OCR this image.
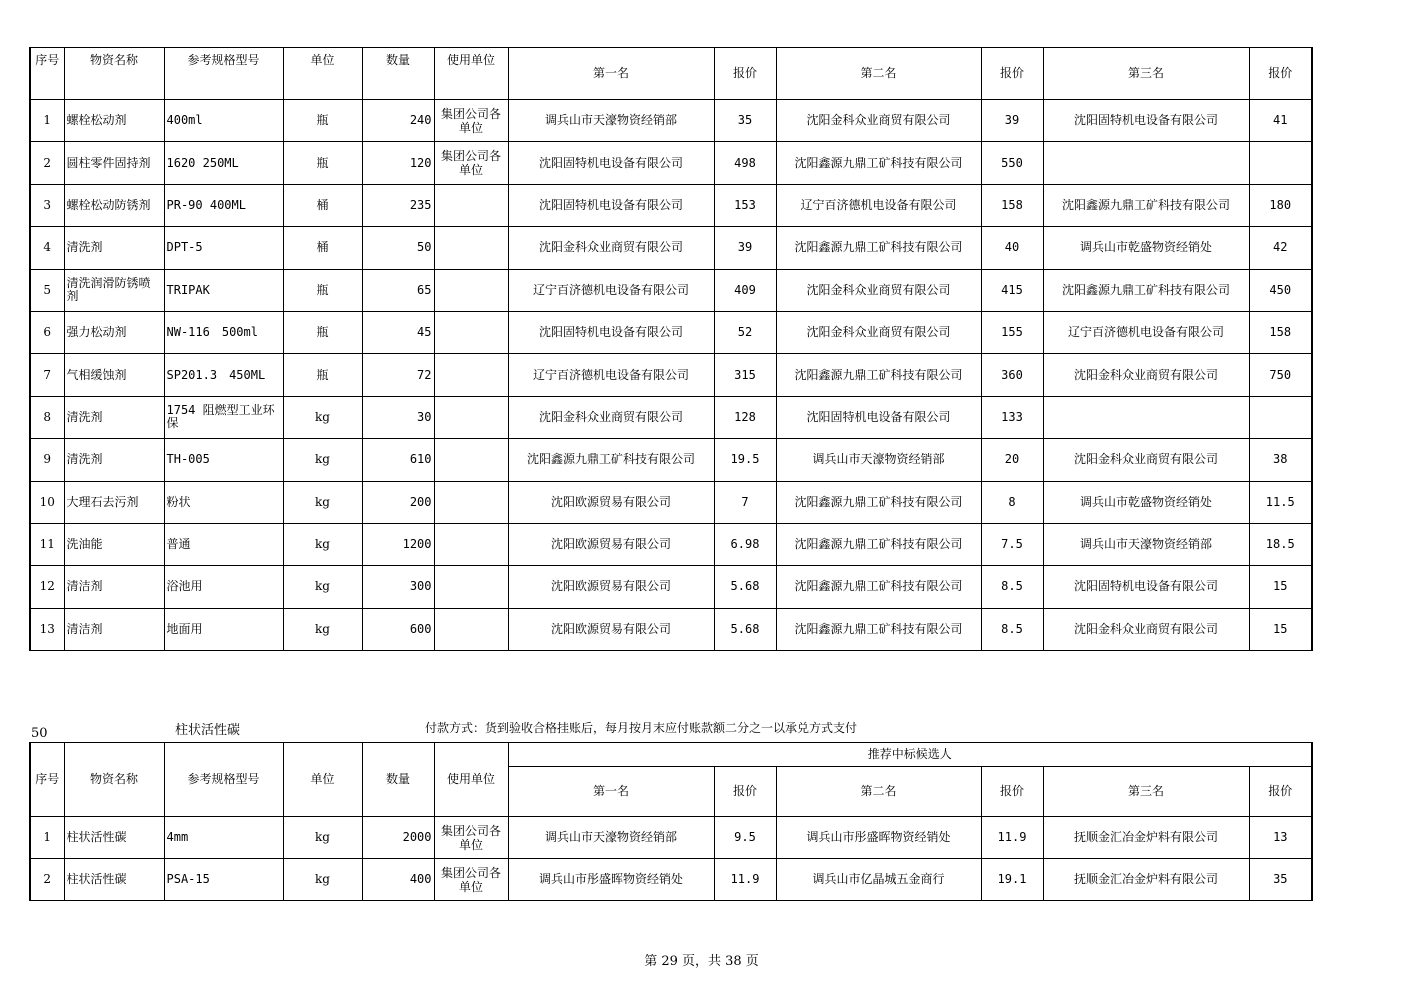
序号	物资名称	参考规格型号	单位	数量	使用单位	第一名	报价	第二名	报价	第三名	报价
1	螺栓松动剂	400ml	瓶	240	集团公司各单位	调兵山市天濠物资经销部	35	沈阳金科众业商贸有限公司	39	沈阳固特机电设备有限公司	41
2	圆柱零件固持剂	1620 250ML	瓶	120	集团公司各单位	沈阳固特机电设备有限公司	498	沈阳鑫源九鼎工矿科技有限公司	550		
3	螺栓松动防锈剂	PR-90 400ML	桶	235		沈阳固特机电设备有限公司	153	辽宁百济德机电设备有限公司	158	沈阳鑫源九鼎工矿科技有限公司	180
4	清洗剂	DPT-5	桶	50		沈阳金科众业商贸有限公司	39	沈阳鑫源九鼎工矿科技有限公司	40	调兵山市乾盛物资经销处	42
5	清洗润滑防锈喷剂	TRIPAK	瓶	65		辽宁百济德机电设备有限公司	409	沈阳金科众业商贸有限公司	415	沈阳鑫源九鼎工矿科技有限公司	450
6	强力松动剂	NW-116　500ml	瓶	45		沈阳固特机电设备有限公司	52	沈阳金科众业商贸有限公司	155	辽宁百济德机电设备有限公司	158
7	气相缓蚀剂	SP201.3　450ML	瓶	72		辽宁百济德机电设备有限公司	315	沈阳鑫源九鼎工矿科技有限公司	360	沈阳金科众业商贸有限公司	750
8	清洗剂	1754 阻燃型工业环保	kg	30		沈阳金科众业商贸有限公司	128	沈阳固特机电设备有限公司	133		
9	清洗剂	TH-005	kg	610		沈阳鑫源九鼎工矿科技有限公司	19.5	调兵山市天濠物资经销部	20	沈阳金科众业商贸有限公司	38
10	大理石去污剂	粉状	kg	200		沈阳欧源贸易有限公司	7	沈阳鑫源九鼎工矿科技有限公司	8	调兵山市乾盛物资经销处	11.5
11	洗油能	普通	kg	1200		沈阳欧源贸易有限公司	6.98	沈阳鑫源九鼎工矿科技有限公司	7.5	调兵山市天濠物资经销部	18.5
12	清洁剂	浴池用	kg	300		沈阳欧源贸易有限公司	5.68	沈阳鑫源九鼎工矿科技有限公司	8.5	沈阳固特机电设备有限公司	15
13	清洁剂	地面用	kg	600		沈阳欧源贸易有限公司	5.68	沈阳鑫源九鼎工矿科技有限公司	8.5	沈阳金科众业商贸有限公司	15
50	柱状活性碳	付款方式：货到验收合格挂账后，每月按月末应付账款额二分之一以承兑方式支付
序号	物资名称	参考规格型号	单位	数量	使用单位	推荐中标候选人					
						第一名	报价	第二名	报价	第三名	报价
1	柱状活性碳	4mm	kg	2000	集团公司各单位	调兵山市天濠物资经销部	9.5	调兵山市彤盛晖物资经销处	11.9	抚顺金汇冶金炉料有限公司	13
2	柱状活性碳	PSA-15	kg	400	集团公司各单位	调兵山市彤盛晖物资经销处	11.9	调兵山市亿晶城五金商行	19.1	抚顺金汇冶金炉料有限公司	35
第 29 页，共 38 页
